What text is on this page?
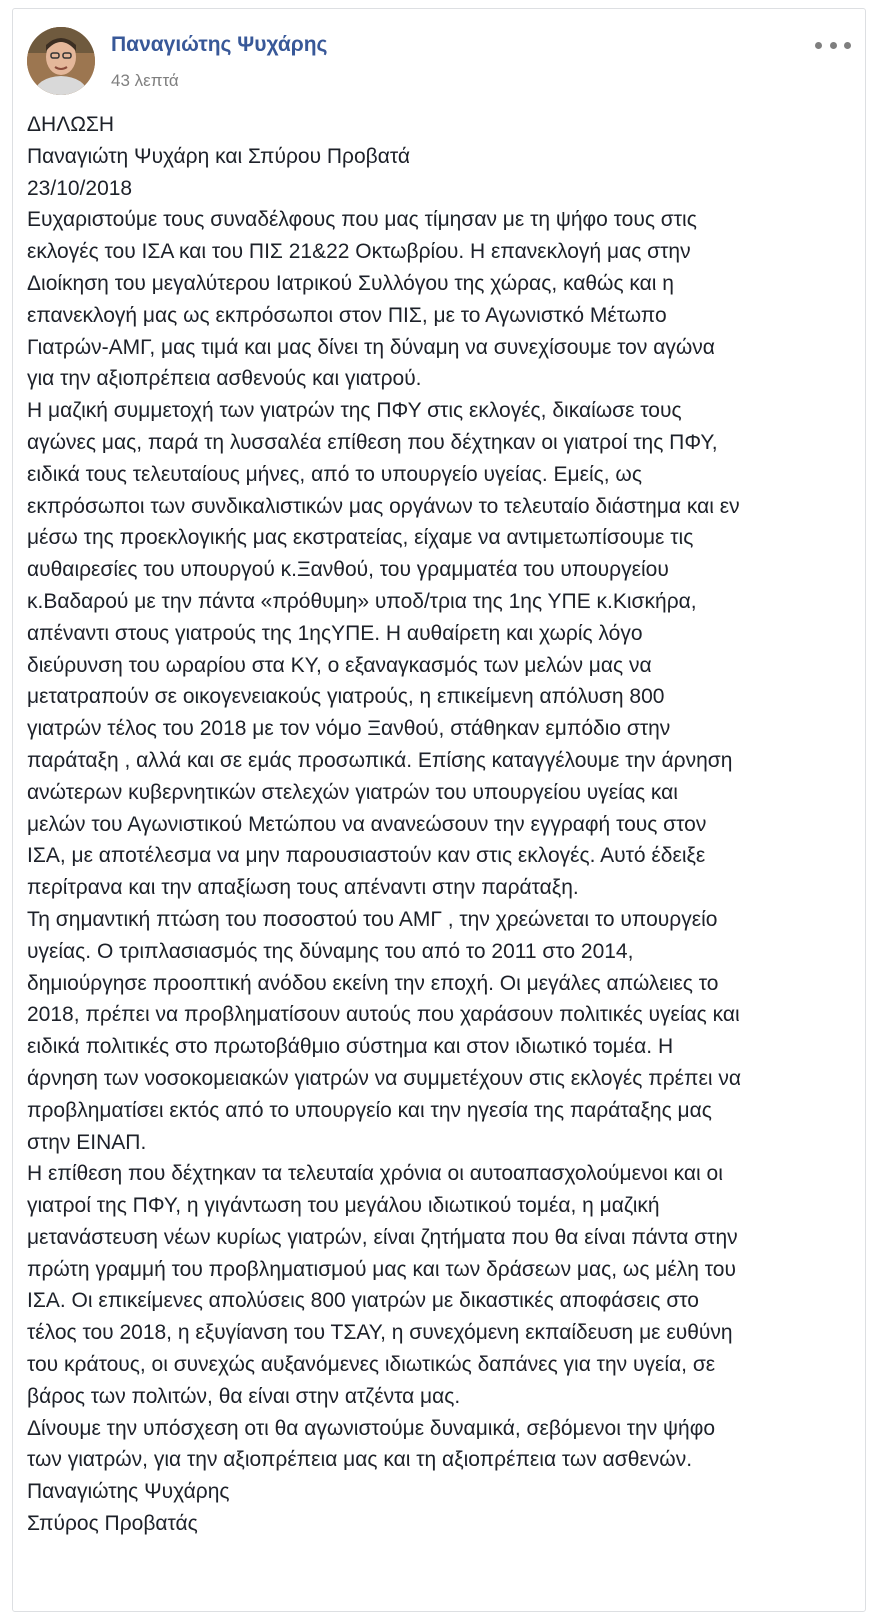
Παναγιώτης Ψυχάρης
43 λεπτά
ΔΗΛΩΣΗ
Παναγιώτη Ψυχάρη και Σπύρου Προβατά
23/10/2018
Ευχαριστούμε τους συναδέλφους που μας τίμησαν με τη ψήφο τους στις
εκλογές του ΙΣΑ και του ΠΙΣ 21&22 Οκτωβρίου. Η επανεκλογή μας στην
Διοίκηση του μεγαλύτερου Ιατρικού Συλλόγου της χώρας, καθώς και η
επανεκλογή μας ως εκπρόσωποι στον ΠΙΣ, με το Αγωνιστκό Μέτωπο
Γιατρών-ΑΜΓ, μας τιμά και μας δίνει τη δύναμη να συνεχίσουμε τον αγώνα
για την αξιοπρέπεια ασθενούς και γιατρού.
Η μαζική συμμετοχή των γιατρών της ΠΦΥ στις εκλογές, δικαίωσε τους
αγώνες μας, παρά τη λυσσαλέα επίθεση που δέχτηκαν οι γιατροί της ΠΦΥ,
ειδικά τους τελευταίους μήνες, από το υπουργείο υγείας. Εμείς, ως
εκπρόσωποι των συνδικαλιστικών μας οργάνων το τελευταίο διάστημα και εν
μέσω της προεκλογικής μας εκστρατείας, είχαμε να αντιμετωπίσουμε τις
αυθαιρεσίες του υπουργού κ.Ξανθού, του γραμματέα του υπουργείου
κ.Βαδαρού με την πάντα «πρόθυμη» υποδ/τρια της 1ης ΥΠΕ κ.Κισκήρα,
απέναντι στους γιατρούς της 1ηςΥΠΕ. Η αυθαίρετη και χωρίς λόγο
διεύρυνση του ωραρίου στα ΚΥ, ο εξαναγκασμός των μελών μας να
μετατραπούν σε οικογενειακούς γιατρούς, η επικείμενη απόλυση 800
γιατρών τέλος του 2018 με τον νόμο Ξανθού, στάθηκαν εμπόδιο στην
παράταξη , αλλά και σε εμάς προσωπικά. Επίσης καταγγέλουμε την άρνηση
ανώτερων κυβερνητικών στελεχών γιατρών του υπουργείου υγείας και
μελών του Αγωνιστικού Μετώπου να ανανεώσουν την εγγραφή τους στον
ΙΣΑ, με αποτέλεσμα να μην παρουσιαστούν καν στις εκλογές. Αυτό έδειξε
περίτρανα και την απαξίωση τους απέναντι στην παράταξη.
Τη σημαντική πτώση του ποσοστού του ΑΜΓ , την χρεώνεται το υπουργείο
υγείας. Ο τριπλασιασμός της δύναμης του από το 2011 στο 2014,
δημιούργησε προοπτική ανόδου εκείνη την εποχή. Οι μεγάλες απώλειες το
2018, πρέπει να προβληματίσουν αυτούς που χαράσουν πολιτικές υγείας και
ειδικά πολιτικές στο πρωτοβάθμιο σύστημα και στον ιδιωτικό τομέα. Η
άρνηση των νοσοκομειακών γιατρών να συμμετέχουν στις εκλογές πρέπει να
προβληματίσει εκτός από το υπουργείο και την ηγεσία της παράταξης μας
στην ΕΙΝΑΠ.
Η επίθεση που δέχτηκαν τα τελευταία χρόνια οι αυτοαπασχολούμενοι και οι
γιατροί της ΠΦΥ, η γιγάντωση του μεγάλου ιδιωτικού τομέα, η μαζική
μετανάστευση νέων κυρίως γιατρών, είναι ζητήματα που θα είναι πάντα στην
πρώτη γραμμή του προβληματισμού μας και των δράσεων μας, ως μέλη του
ΙΣΑ. Οι επικείμενες απολύσεις 800 γιατρών με δικαστικές αποφάσεις στο
τέλος του 2018, η εξυγίανση του ΤΣΑΥ, η συνεχόμενη εκπαίδευση με ευθύνη
του κράτους, οι συνεχώς αυξανόμενες ιδιωτικώς δαπάνες για την υγεία, σε
βάρος των πολιτών, θα είναι στην ατζέντα μας.
Δίνουμε την υπόσχεση οτι θα αγωνιστούμε δυναμικά, σεβόμενοι την ψήφο
των γιατρών, για την αξιοπρέπεια μας και τη αξιοπρέπεια των ασθενών.
Παναγιώτης Ψυχάρης
Σπύρος Προβατάς
